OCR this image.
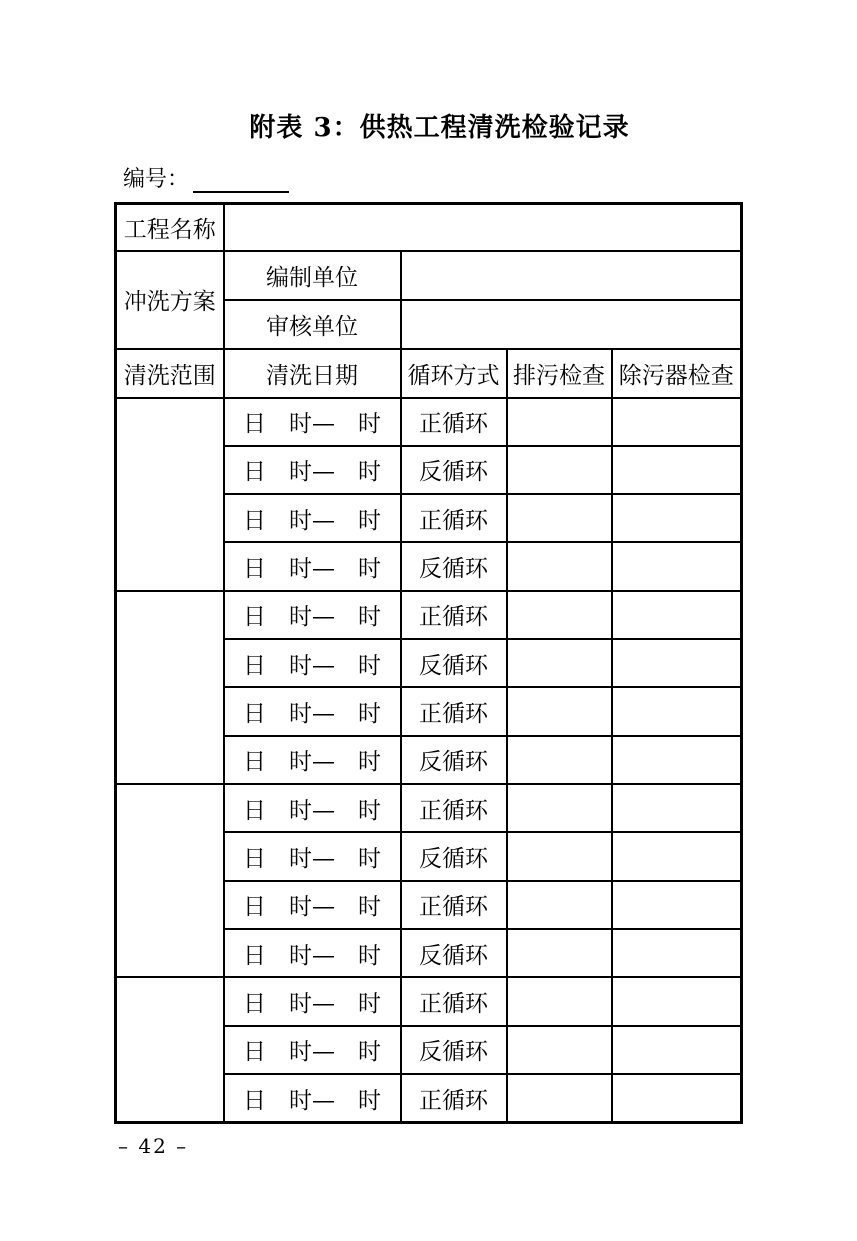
附表 3：供热工程清洗检验记录
编号：
工程名称				
冲洗方案	编制单位			
	审核单位			
清洗范围	清洗日期	循环方式	排污检查	除污器检查
	日　时—　时	正循环		
	日　时—　时	反循环		
	日　时—　时	正循环		
	日　时—　时	反循环		
	日　时—　时	正循环		
	日　时—　时	反循环		
	日　时—　时	正循环		
	日　时—　时	反循环		
	日　时—　时	正循环		
	日　时—　时	反循环		
	日　时—　时	正循环		
	日　时—　时	反循环		
	日　时—　时	正循环		
	日　时—　时	反循环		
	日　时—　时	正循环		
– 42 –
